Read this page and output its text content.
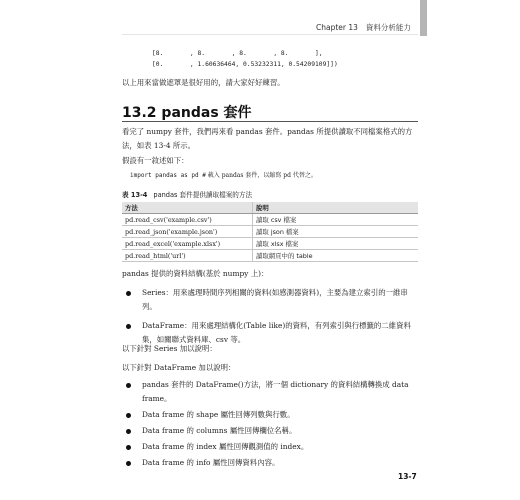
Chapter 13 資料分析能力
[8.       , 8.       , 8.       , 8.       ],
[0.       , 1.60636464, 0.53232311, 0.54209109]])
以上用來當做遮罩是很好用的，請大家好好練習。
13.2 pandas 套件
看完了 numpy 套件，我們再來看 pandas 套件。pandas 所提供讀取不同檔案格式的方法，如表 13-4 所示。
假設有一敘述如下：
import pandas as pd # 載入 pandas 套件，以縮寫 pd 代替之。
表 13-4 pandas 套件提供讀取檔案的方法
方法	說明
pd.read_csv('example.csv')	讀取 csv 檔案
pd.read_json('example.json')	讀取 json 檔案
pd.read_excel('example.xlsx')	讀取 xlsx 檔案
pd.read_html('url')	讀取網頁中的 table
pandas 提供的資料結構(基於 numpy 上)：
Series：用來處理時間序列相關的資料(如感測器資料)，主要為建立索引的一維串列。
DataFrame：用來處理結構化(Table like)的資料，有列索引與行標籤的二維資料集，如關聯式資料庫、csv 等。
以下針對 Series 加以說明：
以下針對 DataFrame 加以說明：
pandas 套件的 DataFrame()方法，將一個 dictionary 的資料結構轉換成 data frame。
Data frame 的 shape 屬性回傳列數與行數。
Data frame 的 columns 屬性回傳欄位名稱。
Data frame 的 index 屬性回傳觀測值的 index。
Data frame 的 info 屬性回傳資料內容。
13-7
